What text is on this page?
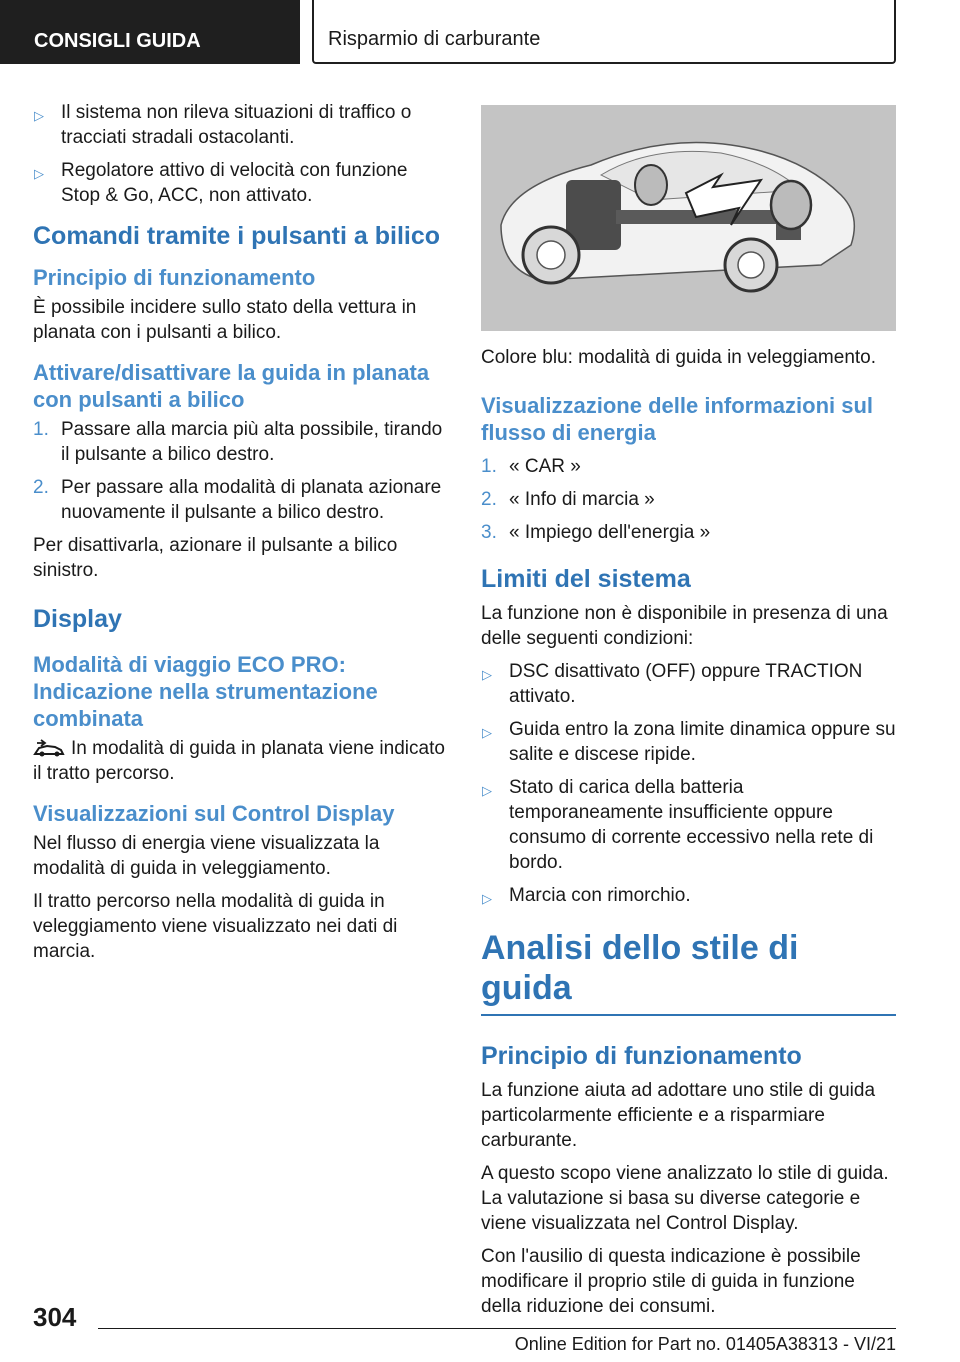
CONSIGLI GUIDA	Risparmio di carburante
▷ Il sistema non rileva situazioni di traffico o tracciati stradali ostacolanti.
▷ Regolatore attivo di velocità con funzione Stop & Go, ACC, non attivato.
Comandi tramite i pulsanti a bilico
Principio di funzionamento

È possibile incidere sullo stato della vettura in planata con i pulsanti a bilico.

Attivare/disattivare la guida in planata con pulsanti a bilico
1. Passare alla marcia più alta possibile, tirando il pulsante a bilico destro.
2. Per passare alla modalità di planata azionare nuovamente il pulsante a bilico destro.

Per disattivarla, azionare il pulsante a bilico sinistro.

Display
Modalità di viaggio ECO PRO: Indicazione nella strumentazione combinata

In modalità di guida in planata viene indicato il tratto percorso.

Visualizzazioni sul Control Display

Nel flusso di energia viene visualizzata la modalità di guida in veleggiamento.

Il tratto percorso nella modalità di guida in veleggiamento viene visualizzato nei dati di marcia.

Colore blu: modalità di guida in veleggiamento.

Visualizzazione delle informazioni sul flusso di energia
1. « CAR »
2. « Info di marcia »
3. « Impiego dell'energia »
Limiti del sistema

La funzione non è disponibile in presenza di una delle seguenti condizioni:

▷ DSC disattivato (OFF) oppure TRACTION attivato.
▷ Guida entro la zona limite dinamica oppure su salite e discese ripide.
▷ Stato di carica della batteria temporaneamente insufficiente oppure consumo di corrente eccessivo nella rete di bordo.
▷ Marcia con rimorchio.
Analisi dello stile di guida
Principio di funzionamento

La funzione aiuta ad adottare uno stile di guida particolarmente efficiente e a risparmiare carburante.

A questo scopo viene analizzato lo stile di guida. La valutazione si basa su diverse categorie e viene visualizzata nel Control Display.

Con l'ausilio di questa indicazione è possibile modificare il proprio stile di guida in funzione della riduzione dei consumi.

304
Online Edition for Part no. 01405A38313 - VI/21
